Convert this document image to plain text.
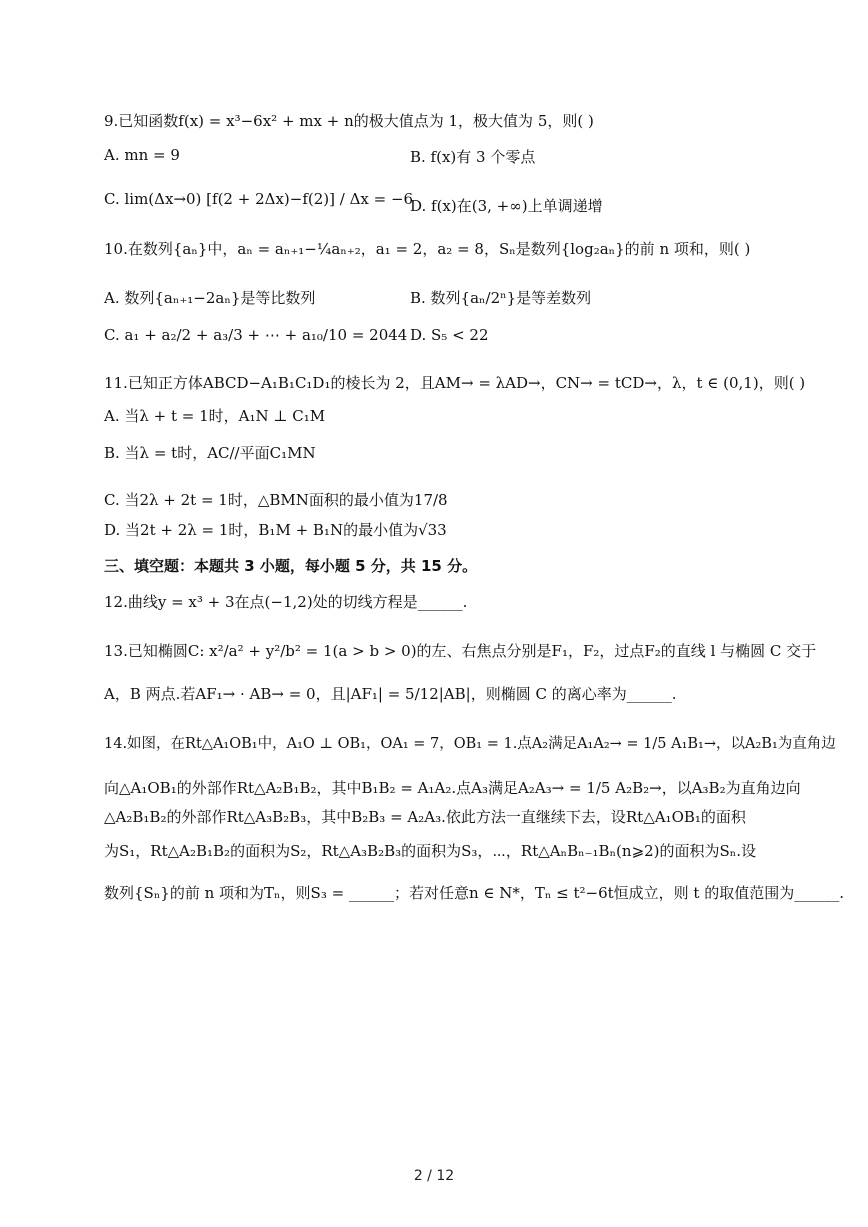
9.已知函数f(x) = x³−6x² + mx + n的极大值点为 1，极大值为 5，则( )
A. mn = 9	B. f(x)有 3 个零点
C. lim(Δx→0) [f(2 + 2Δx)−f(2)] / Δx = −6
D. f(x)在(3, +∞)上单调递增
10.在数列{aₙ}中，aₙ = aₙ₊₁−¼aₙ₊₂，a₁ = 2，a₂ = 8，Sₙ是数列{log₂aₙ}的前 n 项和，则( )
A. 数列{aₙ₊₁−2aₙ}是等比数列	B. 数列{aₙ/2ⁿ}是等差数列
C. a₁ + a₂/2 + a₃/3 + ⋯ + a₁₀/10 = 2044 D. S₅ < 22
11.已知正方体ABCD−A₁B₁C₁D₁的棱长为 2，且AM→ = λAD→，CN→ = tCD→，λ，t ∈ (0,1)，则( )
A. 当λ + t = 1时，A₁N ⊥ C₁M
B. 当λ = t时，AC//平面C₁MN
C. 当2λ + 2t = 1时，△BMN面积的最小值为17/8
D. 当2t + 2λ = 1时，B₁M + B₁N的最小值为√33
三、填空题：本题共 3 小题，每小题 5 分，共 15 分。
12.曲线y = x³ + 3在点(−1,2)处的切线方程是______.
13.已知椭圆C: x²/a² + y²/b² = 1(a > b > 0)的左、右焦点分别是F₁，F₂，过点F₂的直线 l 与椭圆 C 交于
A，B 两点.若AF₁→ · AB→ = 0，且|AF₁| = 5/12|AB|，则椭圆 C 的离心率为______.
14.如图，在Rt△A₁OB₁中，A₁O ⊥ OB₁，OA₁ = 7，OB₁ = 1.点A₂满足A₁A₂→ = 1/5 A₁B₁→，以A₂B₁为直角边
向△A₁OB₁的外部作Rt△A₂B₁B₂，其中B₁B₂ = A₁A₂.点A₃满足A₂A₃→ = 1/5 A₂B₂→，以A₃B₂为直角边向
△A₂B₁B₂的外部作Rt△A₃B₂B₃，其中B₂B₃ = A₂A₃.依此方法一直继续下去，设Rt△A₁OB₁的面积
为S₁，Rt△A₂B₁B₂的面积为S₂，Rt△A₃B₂B₃的面积为S₃，⋯，Rt△AₙBₙ₋₁Bₙ(n⩾2)的面积为Sₙ.设
数列{Sₙ}的前 n 项和为Tₙ，则S₃ = ______；若对任意n ∈ N*，Tₙ ≤ t²−6t恒成立，则 t 的取值范围为______.
2 / 12
